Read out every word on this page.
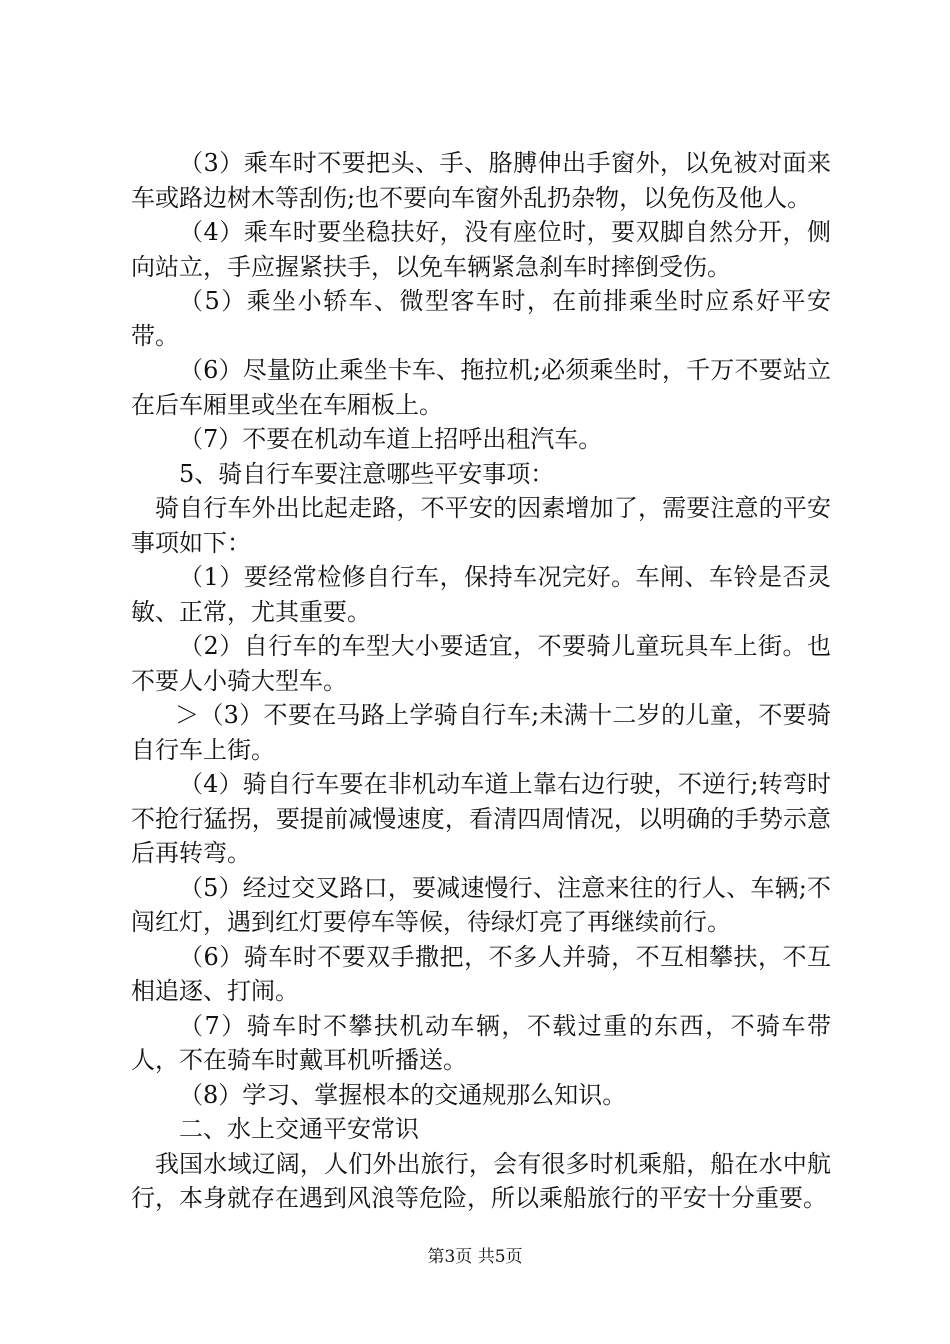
（3）乘车时不要把头、手、胳膊伸出手窗外，以免被对面来车或路边树木等刮伤;也不要向车窗外乱扔杂物，以免伤及他人。

（4）乘车时要坐稳扶好，没有座位时，要双脚自然分开，侧向站立，手应握紧扶手，以免车辆紧急刹车时摔倒受伤。

（5）乘坐小轿车、微型客车时，在前排乘坐时应系好平安带。

（6）尽量防止乘坐卡车、拖拉机;必须乘坐时，千万不要站立在后车厢里或坐在车厢板上。

（7）不要在机动车道上招呼出租汽车。

5、骑自行车要注意哪些平安事项：

骑自行车外出比起走路，不平安的因素增加了，需要注意的平安事项如下：

（1）要经常检修自行车，保持车况完好。车闸、车铃是否灵敏、正常，尤其重要。

（2）自行车的车型大小要适宜，不要骑儿童玩具车上街。也不要人小骑大型车。

＞（3）不要在马路上学骑自行车;未满十二岁的儿童，不要骑自行车上街。

（4）骑自行车要在非机动车道上靠右边行驶，不逆行;转弯时不抢行猛拐，要提前减慢速度，看清四周情况，以明确的手势示意后再转弯。

（5）经过交叉路口，要减速慢行、注意来往的行人、车辆;不闯红灯，遇到红灯要停车等候，待绿灯亮了再继续前行。

（6）骑车时不要双手撒把，不多人并骑，不互相攀扶，不互相追逐、打闹。

（7）骑车时不攀扶机动车辆，不载过重的东西，不骑车带人，不在骑车时戴耳机听播送。

（8）学习、掌握根本的交通规那么知识。

二、水上交通平安常识

我国水域辽阔，人们外出旅行，会有很多时机乘船，船在水中航行，本身就存在遇到风浪等危险，所以乘船旅行的平安十分重要。

第3页 共5页
